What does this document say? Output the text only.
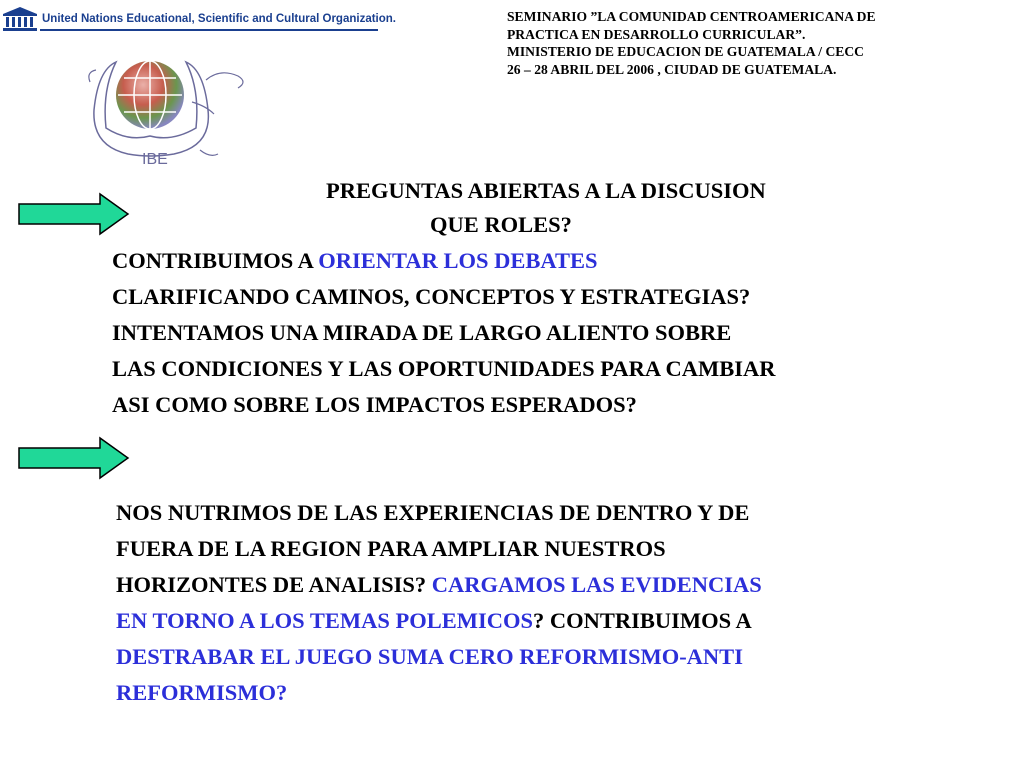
United Nations Educational, Scientific and Cultural Organization.	SEMINARIO ”LA COMUNIDAD CENTROAMERICANA DE
PRACTICA EN DESARROLLO CURRICULAR”.
MINISTERIO DE EDUCACION DE GUATEMALA / CECC
26 – 28 ABRIL DEL 2006 , CIUDAD DE GUATEMALA.
IBE
PREGUNTAS ABIERTAS A LA DISCUSION
QUE ROLES?
CONTRIBUIMOS A ORIENTAR LOS DEBATES
CLARIFICANDO CAMINOS, CONCEPTOS Y ESTRATEGIAS?
INTENTAMOS UNA MIRADA DE LARGO ALIENTO SOBRE
LAS CONDICIONES Y LAS OPORTUNIDADES PARA CAMBIAR
ASI COMO SOBRE LOS IMPACTOS ESPERADOS?
NOS NUTRIMOS DE LAS EXPERIENCIAS DE DENTRO Y DE
FUERA DE LA REGION PARA AMPLIAR NUESTROS
HORIZONTES DE ANALISIS? CARGAMOS LAS EVIDENCIAS
EN TORNO A LOS TEMAS POLEMICOS? CONTRIBUIMOS A
DESTRABAR EL JUEGO SUMA CERO REFORMISMO-ANTI
REFORMISMO?
